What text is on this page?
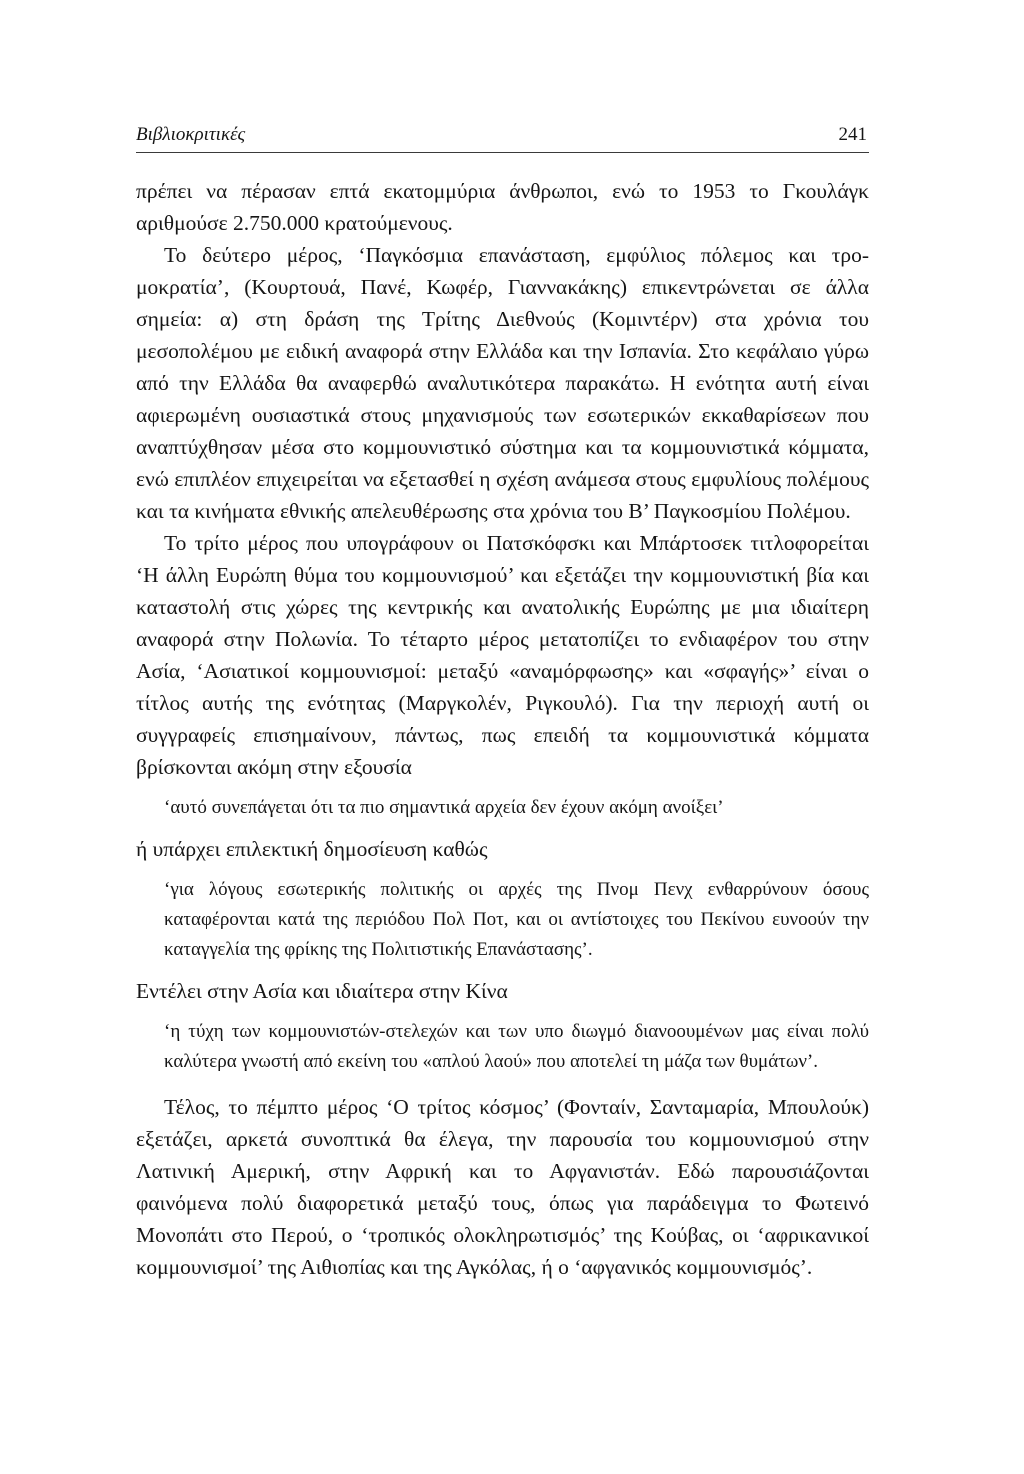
Βιβλιοκριτικές	241

πρέπει να πέρασαν επτά εκατομμύρια άνθρωποι, ενώ το 1953 το Γκουλάγκ αριθμούσε 2.750.000 κρατούμενους.

Το δεύτερο μέρος, ‘Παγκόσμια επανάσταση, εμφύλιος πόλεμος και τρομοκρατία’, (Κουρτουά, Πανέ, Κωφέρ, Γιαννακάκης) επικεντρώνεται σε άλλα σημεία: α) στη δράση της Τρίτης Διεθνούς (Κομιντέρν) στα χρόνια του μεσοπολέμου με ειδική αναφορά στην Ελλάδα και την Ισπανία. Στο κεφάλαιο γύρω από την Ελλάδα θα αναφερθώ αναλυτικότερα παρακάτω. Η ενότητα αυτή είναι αφιερωμένη ουσιαστικά στους μηχανισμούς των εσωτερικών εκκαθαρίσεων που αναπτύχθησαν μέσα στο κομμουνιστικό σύστημα και τα κομμουνιστικά κόμματα, ενώ επιπλέον επιχειρείται να εξετασθεί η σχέση ανάμεσα στους εμφυλίους πολέμους και τα κινήματα εθνικής απελευθέρωσης στα χρόνια του Β’ Παγκοσμίου Πολέμου.

Το τρίτο μέρος που υπογράφουν οι Πατσκόφσκι και Μπάρτοσεκ τιτλοφορείται ‘Η άλλη Ευρώπη θύμα του κομμουνισμού’ και εξετάζει την κομμουνιστική βία και καταστολή στις χώρες της κεντρικής και ανατολικής Ευρώπης με μια ιδιαίτερη αναφορά στην Πολωνία. Το τέταρτο μέρος μετατοπίζει το ενδιαφέρον του στην Ασία, ‘Ασιατικοί κομμουνισμοί: μεταξύ «αναμόρφωσης» και «σφαγής»’ είναι ο τίτλος αυτής της ενότητας (Μαργκολέν, Ριγκουλό). Για την περιοχή αυτή οι συγγραφείς επισημαίνουν, πάντως, πως επειδή τα κομμουνιστικά κόμματα βρίσκονται ακόμη στην εξουσία

‘αυτό συνεπάγεται ότι τα πιο σημαντικά αρχεία δεν έχουν ακόμη ανοίξει’

ή υπάρχει επιλεκτική δημοσίευση καθώς

‘για λόγους εσωτερικής πολιτικής οι αρχές της Πνομ Πενχ ενθαρρύνουν όσους καταφέρονται κατά της περιόδου Πολ Ποτ, και οι αντίστοιχες του Πεκίνου ευνοούν την καταγγελία της φρίκης της Πολιτιστικής Επανάστασης’.

Εντέλει στην Ασία και ιδιαίτερα στην Κίνα

‘η τύχη των κομμουνιστών-στελεχών και των υπο διωγμό διανοουμένων μας είναι πολύ καλύτερα γνωστή από εκείνη του «απλού λαού» που αποτελεί τη μάζα των θυμάτων’.

Τέλος, το πέμπτο μέρος ‘Ο τρίτος κόσμος’ (Φονταίν, Σανταμαρία, Μπουλούκ) εξετάζει, αρκετά συνοπτικά θα έλεγα, την παρουσία του κομμουνισμού στην Λατινική Αμερική, στην Αφρική και το Αφγανιστάν. Εδώ παρουσιάζονται φαινόμενα πολύ διαφορετικά μεταξύ τους, όπως για παράδειγμα το Φωτεινό Μονοπάτι στο Περού, ο ‘τροπικός ολοκληρωτισμός’ της Κούβας, οι ‘αφρικανικοί κομμουνισμοί’ της Αιθιοπίας και της Αγκόλας, ή ο ‘αφγανικός κομμουνισμός’.
